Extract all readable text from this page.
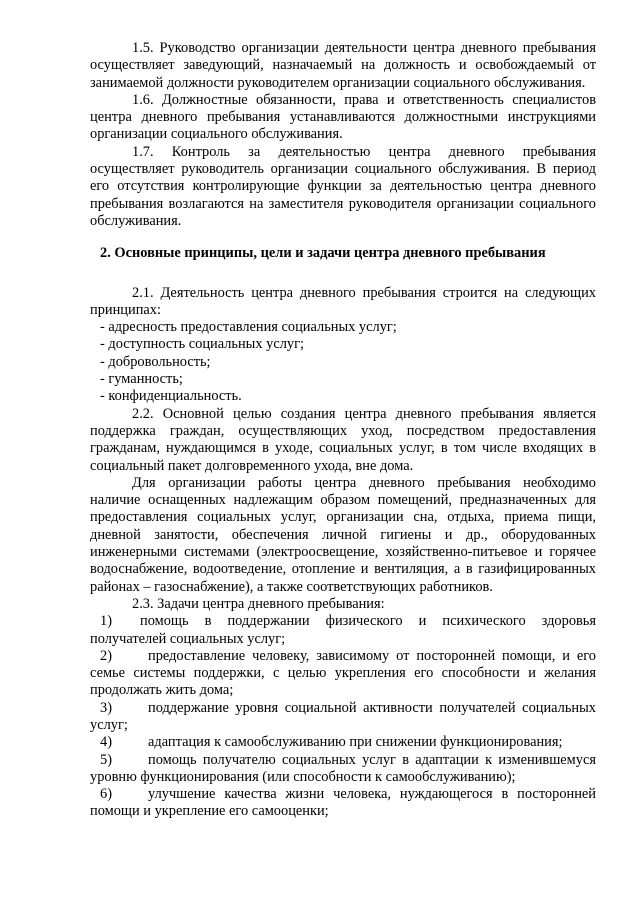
1.5. Руководство организации деятельности центра дневного пребывания осуществляет заведующий, назначаемый на должность и освобождаемый от занимаемой должности руководителем организации социального обслуживания.

1.6. Должностные обязанности, права и ответственность специалистов центра дневного пребывания устанавливаются должностными инструкциями организации социального обслуживания.

1.7. Контроль за деятельностью центра дневного пребывания осуществляет руководитель организации социального обслуживания. В период его отсутствия контролирующие функции за деятельностью центра дневного пребывания возлагаются на заместителя руководителя организации социального обслуживания.

2. Основные принципы, цели и задачи центра дневного пребывания

2.1. Деятельность центра дневного пребывания строится на следующих принципах:

- адресность предоставления социальных услуг;

- доступность социальных услуг;

- добровольность;

- гуманность;

- конфиденциальность.

2.2. Основной целью создания центра дневного пребывания является поддержка граждан, осуществляющих уход, посредством предоставления гражданам, нуждающимся в уходе, социальных услуг, в том числе входящих в социальный пакет долговременного ухода, вне дома.

Для организации работы центра дневного пребывания необходимо наличие оснащенных надлежащим образом помещений, предназначенных для предоставления социальных услуг, организации сна, отдыха, приема пищи, дневной занятости, обеспечения личной гигиены и др., оборудованных инженерными системами (электроосвещение, хозяйственно-питьевое и горячее водоснабжение, водоотведение, отопление и вентиляция, а в газифицированных районах – газоснабжение), а также соответствующих работников.

2.3. Задачи центра дневного пребывания:

1) помощь в поддержании физического и психического здоровья получателей социальных услуг;

2)	предоставление человеку, зависимому от посторонней помощи, и его семье системы поддержки, с целью укрепления его способности и желания продолжать жить дома;

3)	поддержание уровня социальной активности получателей социальных услуг;

4)	адаптация к самообслуживанию при снижении функционирования;

5)	помощь получателю социальных услуг в адаптации к изменившемуся уровню функционирования (или способности к самообслуживанию);

6)	улучшение качества жизни человека, нуждающегося в посторонней помощи и укрепление его самооценки;
